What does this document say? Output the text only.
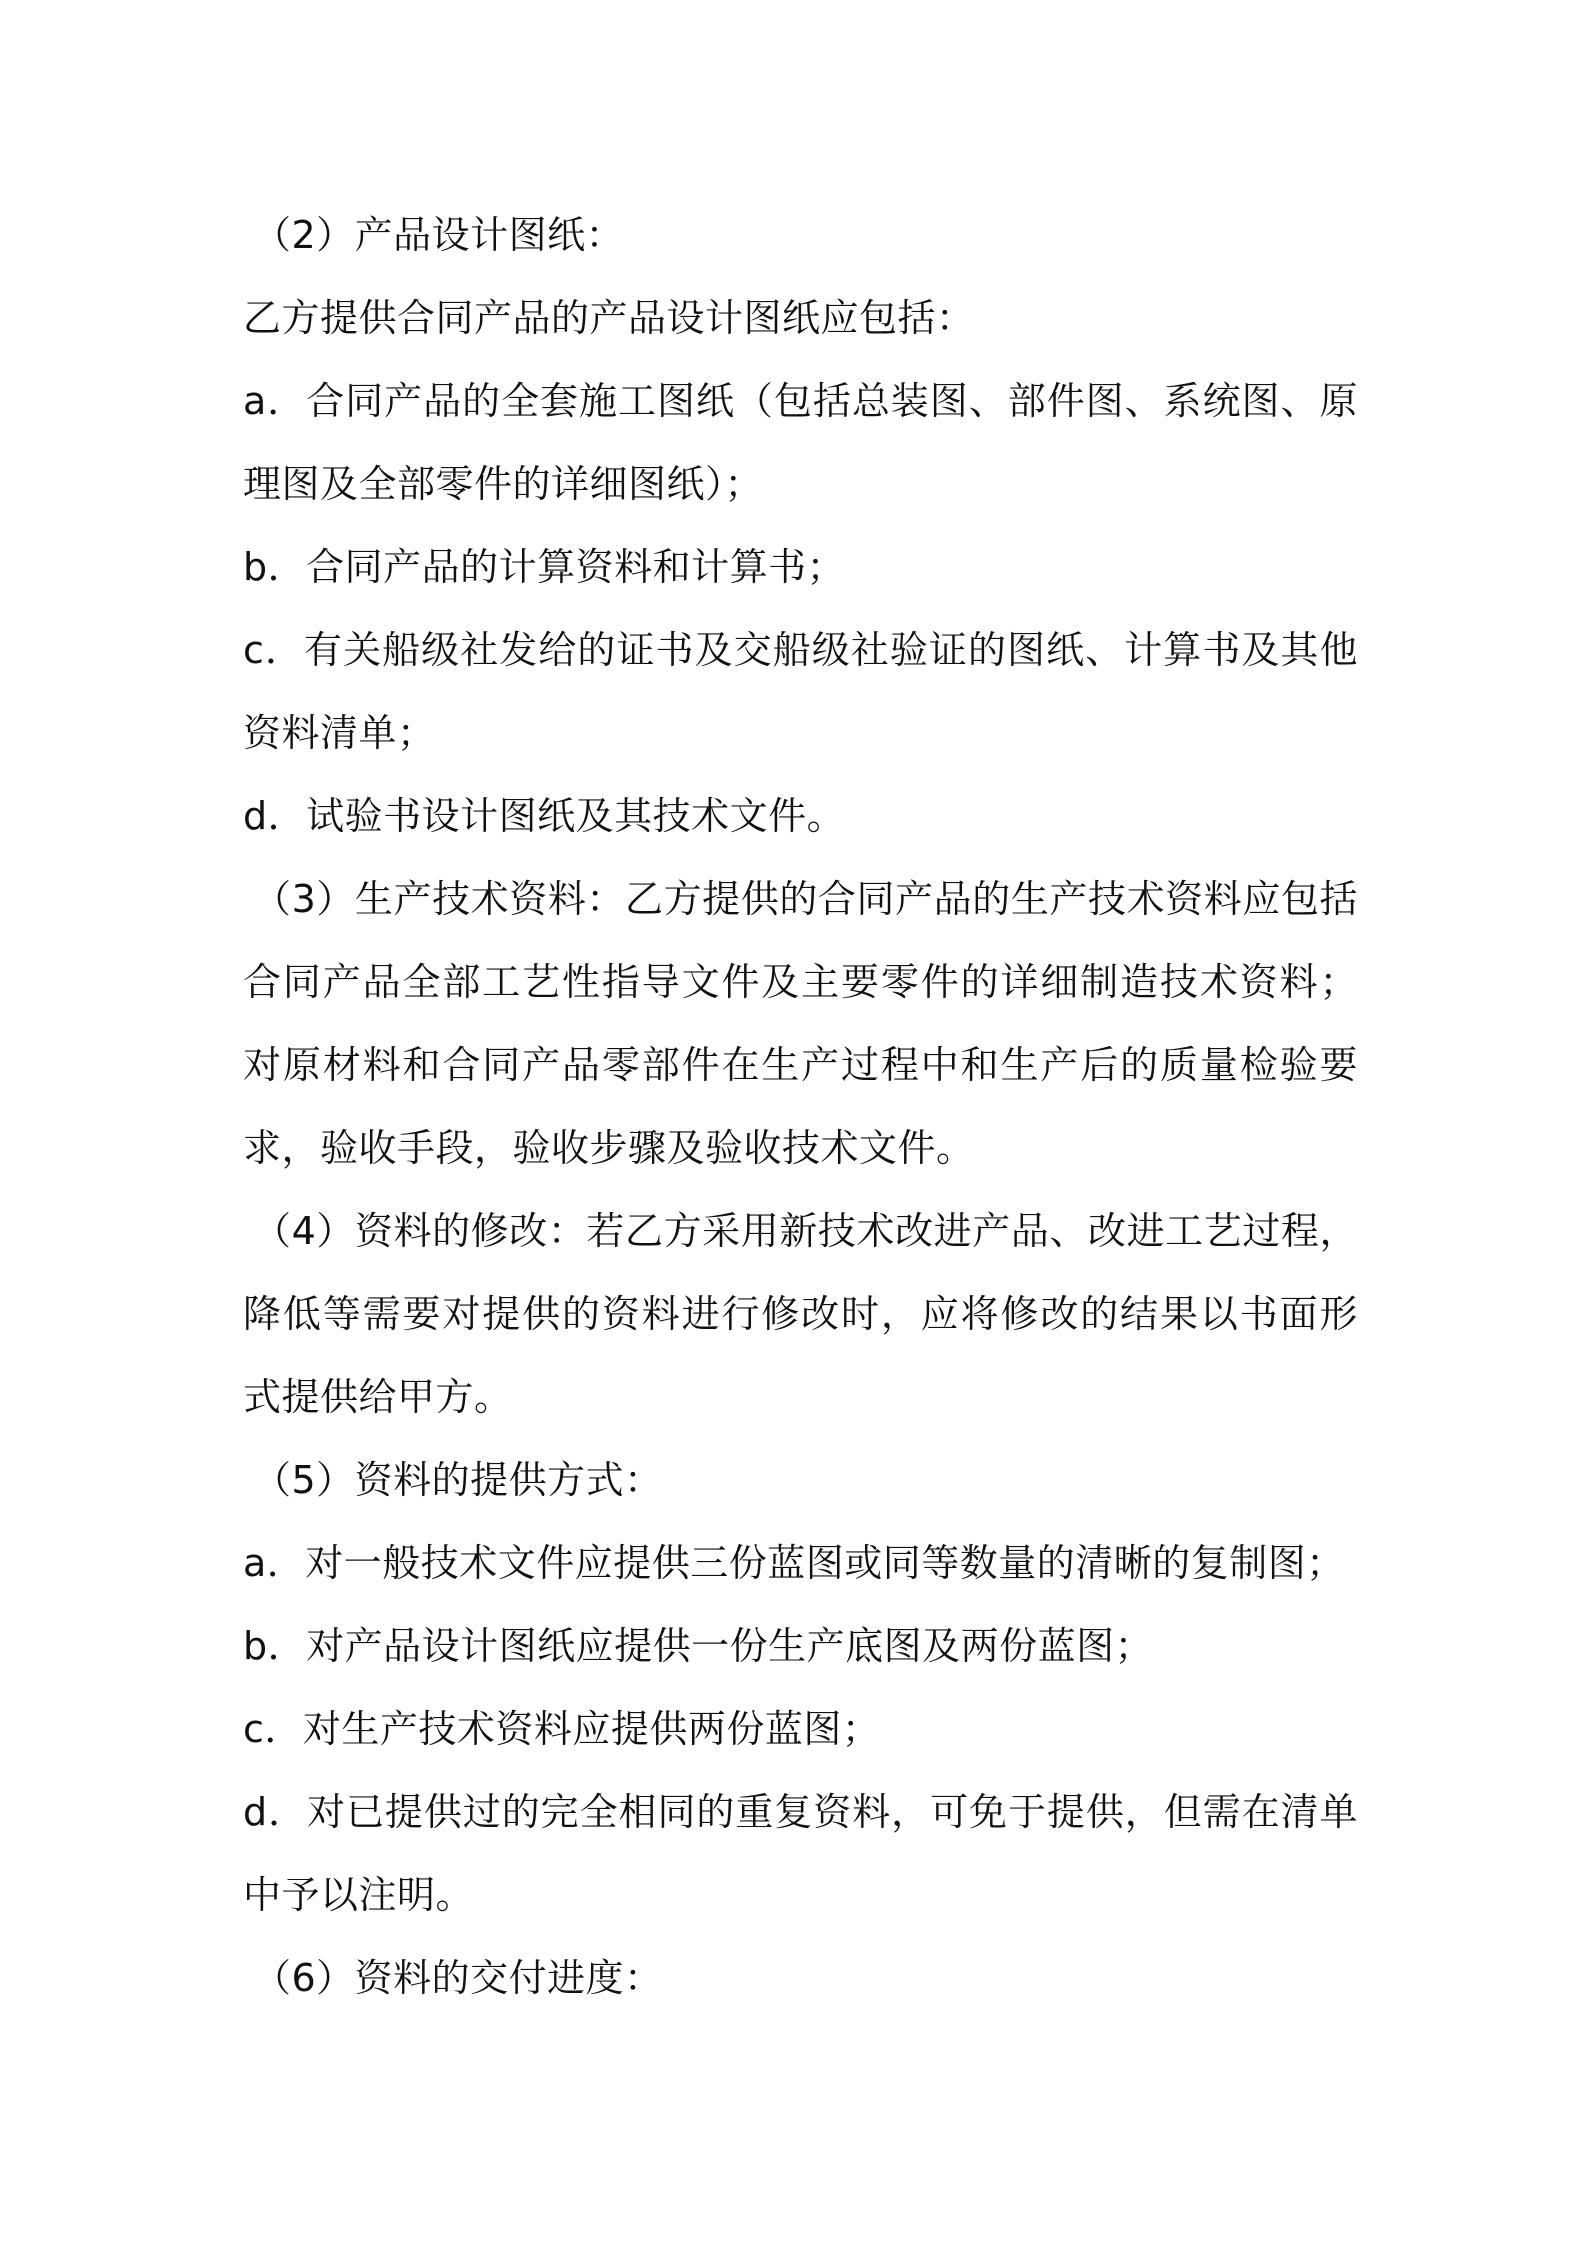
（2）产品设计图纸：

乙方提供合同产品的产品设计图纸应包括：

a．合同产品的全套施工图纸（包括总装图、部件图、系统图、原理图及全部零件的详细图纸）；

b．合同产品的计算资料和计算书；

c．有关船级社发给的证书及交船级社验证的图纸、计算书及其他资料清单；

d．试验书设计图纸及其技术文件。

（3）生产技术资料：乙方提供的合同产品的生产技术资料应包括合同产品全部工艺性指导文件及主要零件的详细制造技术资料；对原材料和合同产品零部件在生产过程中和生产后的质量检验要求，验收手段，验收步骤及验收技术文件。

（4）资料的修改：若乙方采用新技术改进产品、改进工艺过程，降低等需要对提供的资料进行修改时，应将修改的结果以书面形式提供给甲方。

（5）资料的提供方式：

a．对一般技术文件应提供三份蓝图或同等数量的清晰的复制图；

b．对产品设计图纸应提供一份生产底图及两份蓝图；

c．对生产技术资料应提供两份蓝图；

d．对已提供过的完全相同的重复资料，可免于提供，但需在清单中予以注明。

（6）资料的交付进度：
